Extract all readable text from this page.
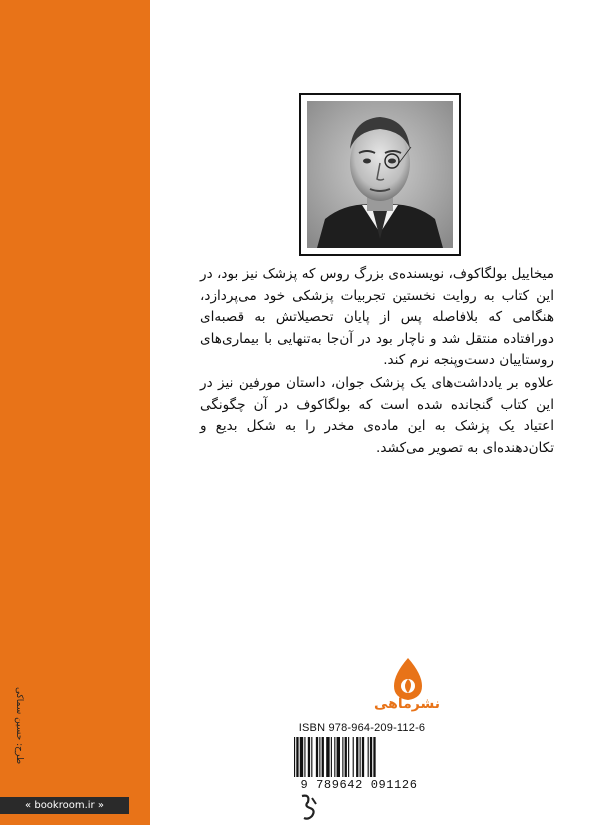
میخاییل بولگاکوف، نویسنده‌ی بزرگ روس که پزشک نیز بود، در این کتاب به روایت نخستین تجربیات پزشکی خود می‌پردازد، هنگامی که بلافاصله پس از پایان تحصیلاتش به قصبه‌ای دورافتاده منتقل شد و ناچار بود در آن‌جا به‌تنهایی با بیماری‌های روستاییان دست‌و‌پنجه نرم کند.

علاوه بر یادداشت‌های یک پزشک جوان، داستان مورفین نیز در این کتاب گنجانده شده است که بولگاکوف در آن چگونگی اعتیاد یک پزشک به این ماده‌ی مخدر را به شکل بدیع و تکان‌دهنده‌ای به تصویر می‌کشد.

نشرماهی
ISBN 978-964-209-112-6
9 789642 091126
طرح: حسین سماکی
« bookroom.ir »
